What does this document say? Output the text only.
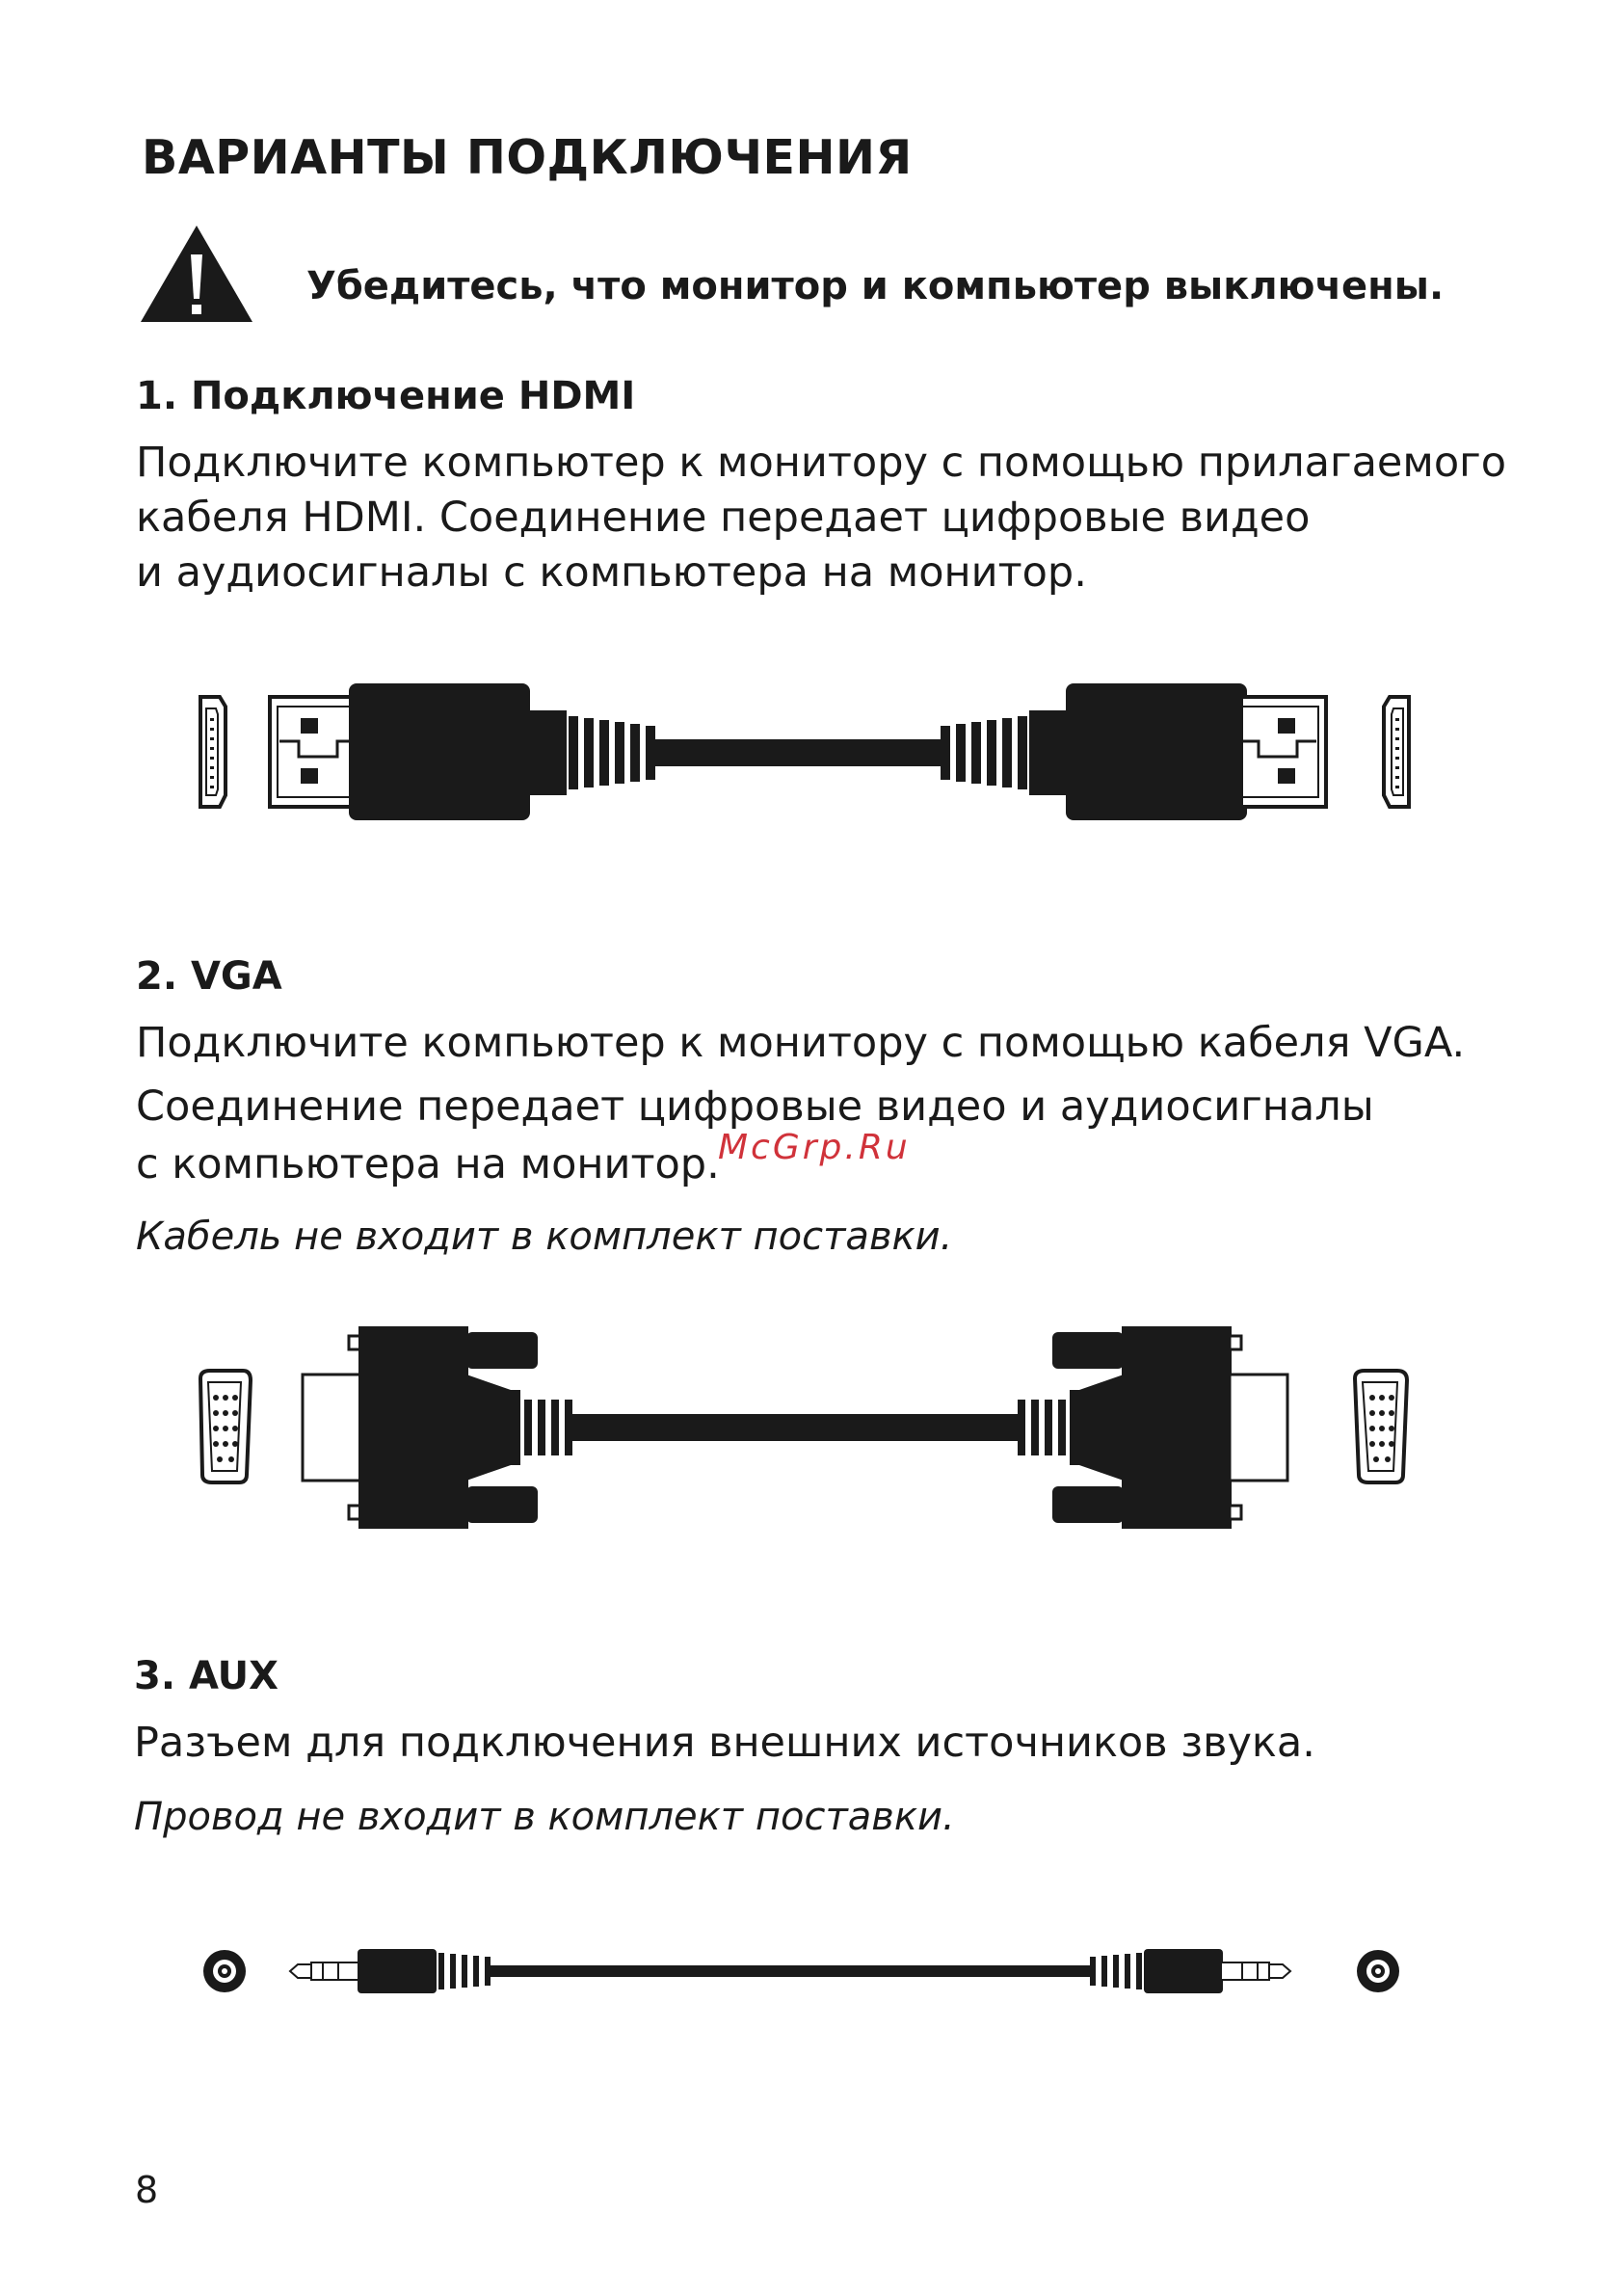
ВАРИАНТЫ ПОДКЛЮЧЕНИЯ
Убедитесь, что монитор и компьютер выключены.
1. Подключение HDMI
Подключите компьютер к монитору с помощью прилагаемого
кабеля HDMI. Соединение передает цифровые видео
и аудиосигналы с компьютера на монитор.
2. VGA
Подключите компьютер к монитору с помощью кабеля VGA.
Соединение передает цифровые видео и аудиосигналы
с компьютера на монитор.
Кабель не входит в комплект поставки.
McGrp.Ru
3. AUX
Разъем для подключения внешних источников звука.
Провод не входит в комплект поставки.
8
